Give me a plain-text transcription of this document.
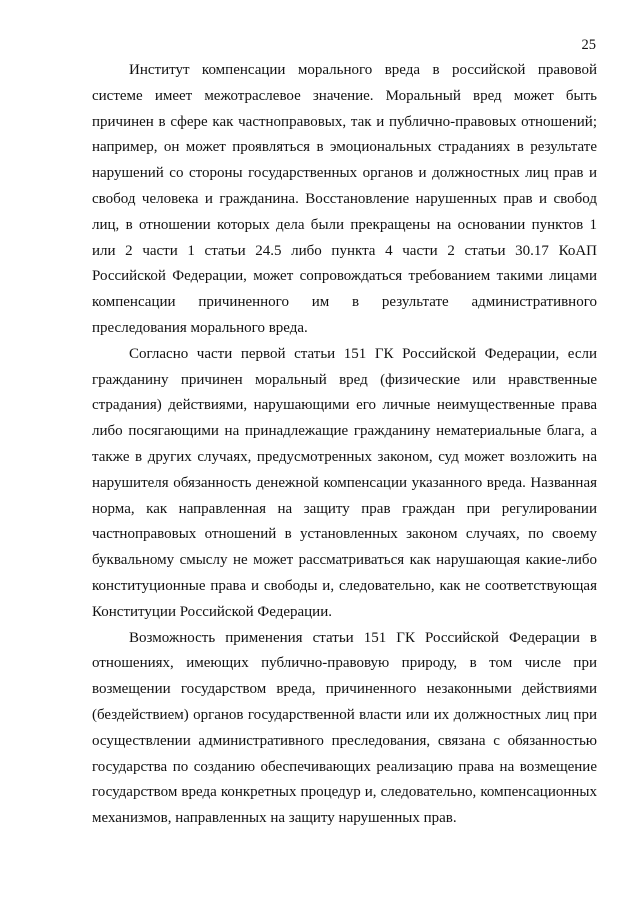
25

Институт компенсации морального вреда в российской правовой системе имеет межотраслевое значение. Моральный вред может быть причинен в сфере как частноправовых, так и публично-правовых отношений; например, он может проявляться в эмоциональных страданиях в результате нарушений со стороны государственных органов и должностных лиц прав и свобод человека и гражданина. Восстановление нарушенных прав и свобод лиц, в отношении которых дела были прекращены на основании пунктов 1 или 2 части 1 статьи 24.5 либо пункта 4 части 2 статьи 30.17 КоАП Российской Федерации, может сопровождаться требованием такими лицами компенсации причиненного им в результате административного преследования морального вреда.

Согласно части первой статьи 151 ГК Российской Федерации, если гражданину причинен моральный вред (физические или нравственные страдания) действиями, нарушающими его личные неимущественные права либо посягающими на принадлежащие гражданину нематериальные блага, а также в других случаях, предусмотренных законом, суд может возложить на нарушителя обязанность денежной компенсации указанного вреда. Названная норма, как направленная на защиту прав граждан при регулировании частноправовых отношений в установленных законом случаях, по своему буквальному смыслу не может рассматриваться как нарушающая какие-либо конституционные права и свободы и, следовательно, как не соответствующая Конституции Российской Федерации.

Возможность применения статьи 151 ГК Российской Федерации в отношениях, имеющих публично-правовую природу, в том числе при возмещении государством вреда, причиненного незаконными действиями (бездействием) органов государственной власти или их должностных лиц при осуществлении административного преследования, связана с обязанностью государства по созданию обеспечивающих реализацию права на возмещение государством вреда конкретных процедур и, следовательно, компенсационных механизмов, направленных на защиту нарушенных прав.
